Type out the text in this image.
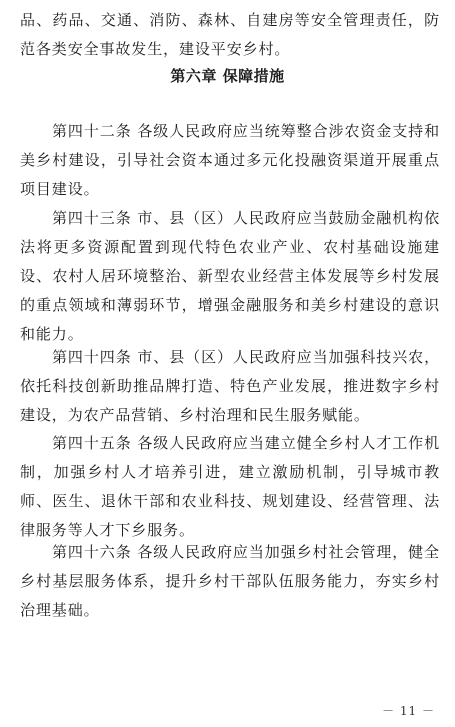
品、药品、交通、消防、森林、自建房等安全管理责任，防范各类安全事故发生，建设平安乡村。

第六章 保障措施

第四十二条 各级人民政府应当统筹整合涉农资金支持和美乡村建设，引导社会资本通过多元化投融资渠道开展重点项目建设。

第四十三条 市、县（区）人民政府应当鼓励金融机构依法将更多资源配置到现代特色农业产业、农村基础设施建设、农村人居环境整治、新型农业经营主体发展等乡村发展的重点领域和薄弱环节，增强金融服务和美乡村建设的意识和能力。

第四十四条 市、县（区）人民政府应当加强科技兴农，依托科技创新助推品牌打造、特色产业发展，推进数字乡村建设，为农产品营销、乡村治理和民生服务赋能。

第四十五条 各级人民政府应当建立健全乡村人才工作机制，加强乡村人才培养引进，建立激励机制，引导城市教师、医生、退休干部和农业科技、规划建设、经营管理、法律服务等人才下乡服务。

第四十六条 各级人民政府应当加强乡村社会管理，健全乡村基层服务体系，提升乡村干部队伍服务能力，夯实乡村治理基础。

－ 11 －
